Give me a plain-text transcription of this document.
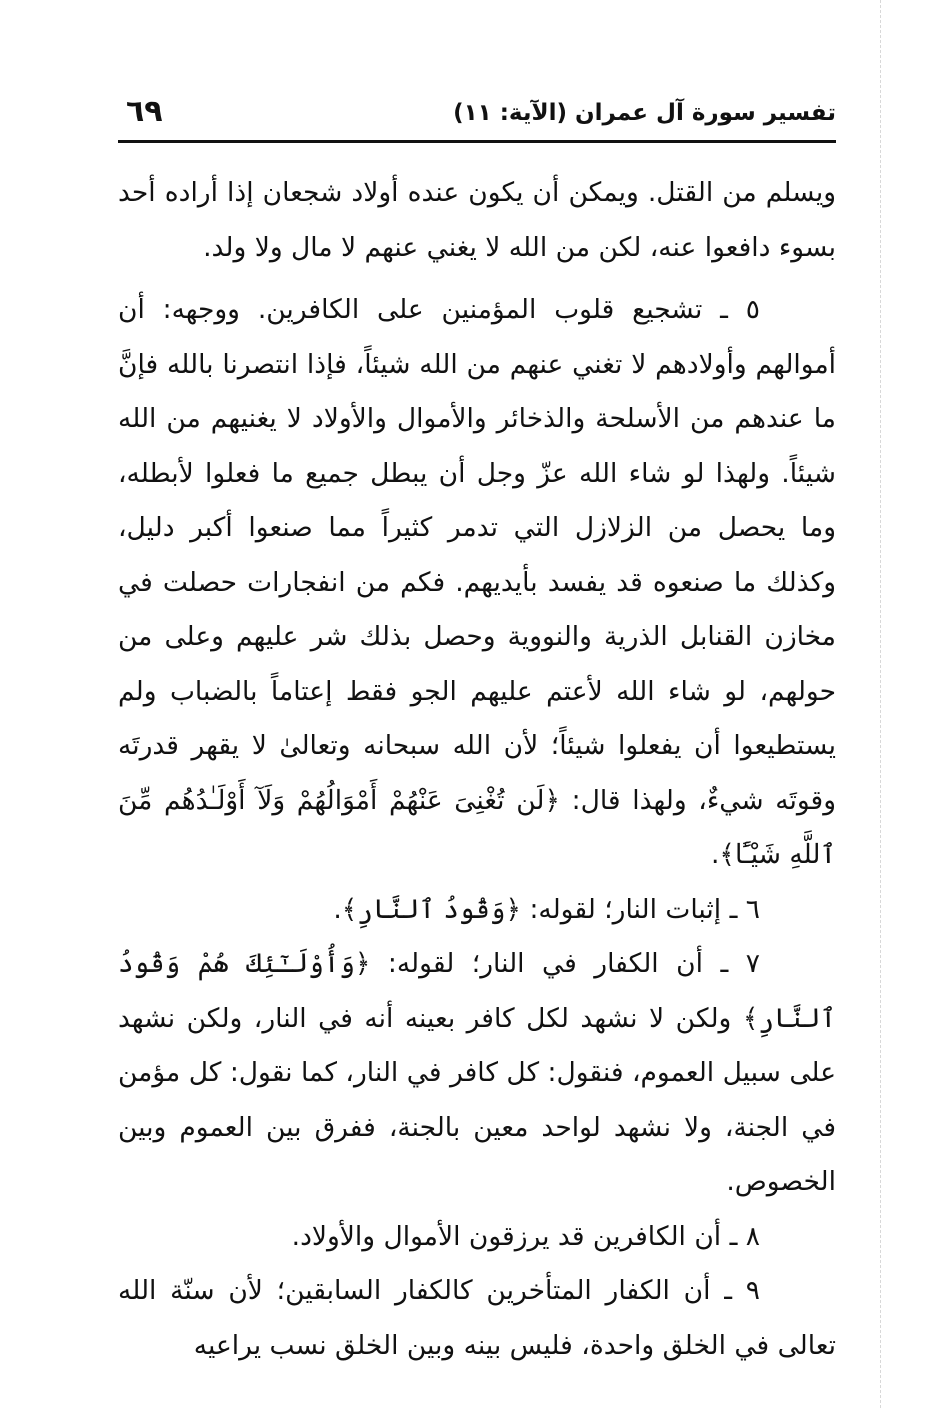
تفسير سورة آل عمران (الآية: ١١)
٦٩

ويسلم من القتل. ويمكن أن يكون عنده أولاد شجعان إذا أراده أحد بسوء دافعوا عنه، لكن من الله لا يغني عنهم لا مال ولا ولد.

٥ ـ تشجيع قلوب المؤمنين على الكافرين. ووجهه: أن أموالهم وأولادهم لا تغني عنهم من الله شيئاً، فإذا انتصرنا بالله فإنَّ ما عندهم من الأسلحة والذخائر والأموال والأولاد لا يغنيهم من الله شيئاً. ولهذا لو شاء الله عزّ وجل أن يبطل جميع ما فعلوا لأبطله، وما يحصل من الزلازل التي تدمر كثيراً مما صنعوا أكبر دليل، وكذلك ما صنعوه قد يفسد بأيديهم. فكم من انفجارات حصلت في مخازن القنابل الذرية والنووية وحصل بذلك شر عليهم وعلى من حولهم، لو شاء الله لأعتم عليهم الجو فقط إعتاماً بالضباب ولم يستطيعوا أن يفعلوا شيئاً؛ لأن الله سبحانه وتعالىٰ لا يقهر قدرتَه وقوتَه شيءٌ، ولهذا قال: ﴿لَن تُغْنِىَ عَنْهُمْ أَمْوَالُهُمْ وَلَآ أَوْلَـٰدُهُم مِّنَ ٱللَّهِ شَيْـًٔا﴾.

٦ ـ إثبات النار؛ لقوله: ﴿وَقُودُ ٱلنَّارِ﴾.

٧ ـ أن الكفار في النار؛ لقوله: ﴿وَأُوْلَـٰٓئِكَ هُمْ وَقُودُ ٱلنَّارِ﴾ ولكن لا نشهد لكل كافر بعينه أنه في النار، ولكن نشهد على سبيل العموم، فنقول: كل كافر في النار، كما نقول: كل مؤمن في الجنة، ولا نشهد لواحد معين بالجنة، ففرق بين العموم وبين الخصوص.

٨ ـ أن الكافرين قد يرزقون الأموال والأولاد.

٩ ـ أن الكفار المتأخرين كالكفار السابقين؛ لأن سنّة الله تعالى في الخلق واحدة، فليس بينه وبين الخلق نسب يراعيه
